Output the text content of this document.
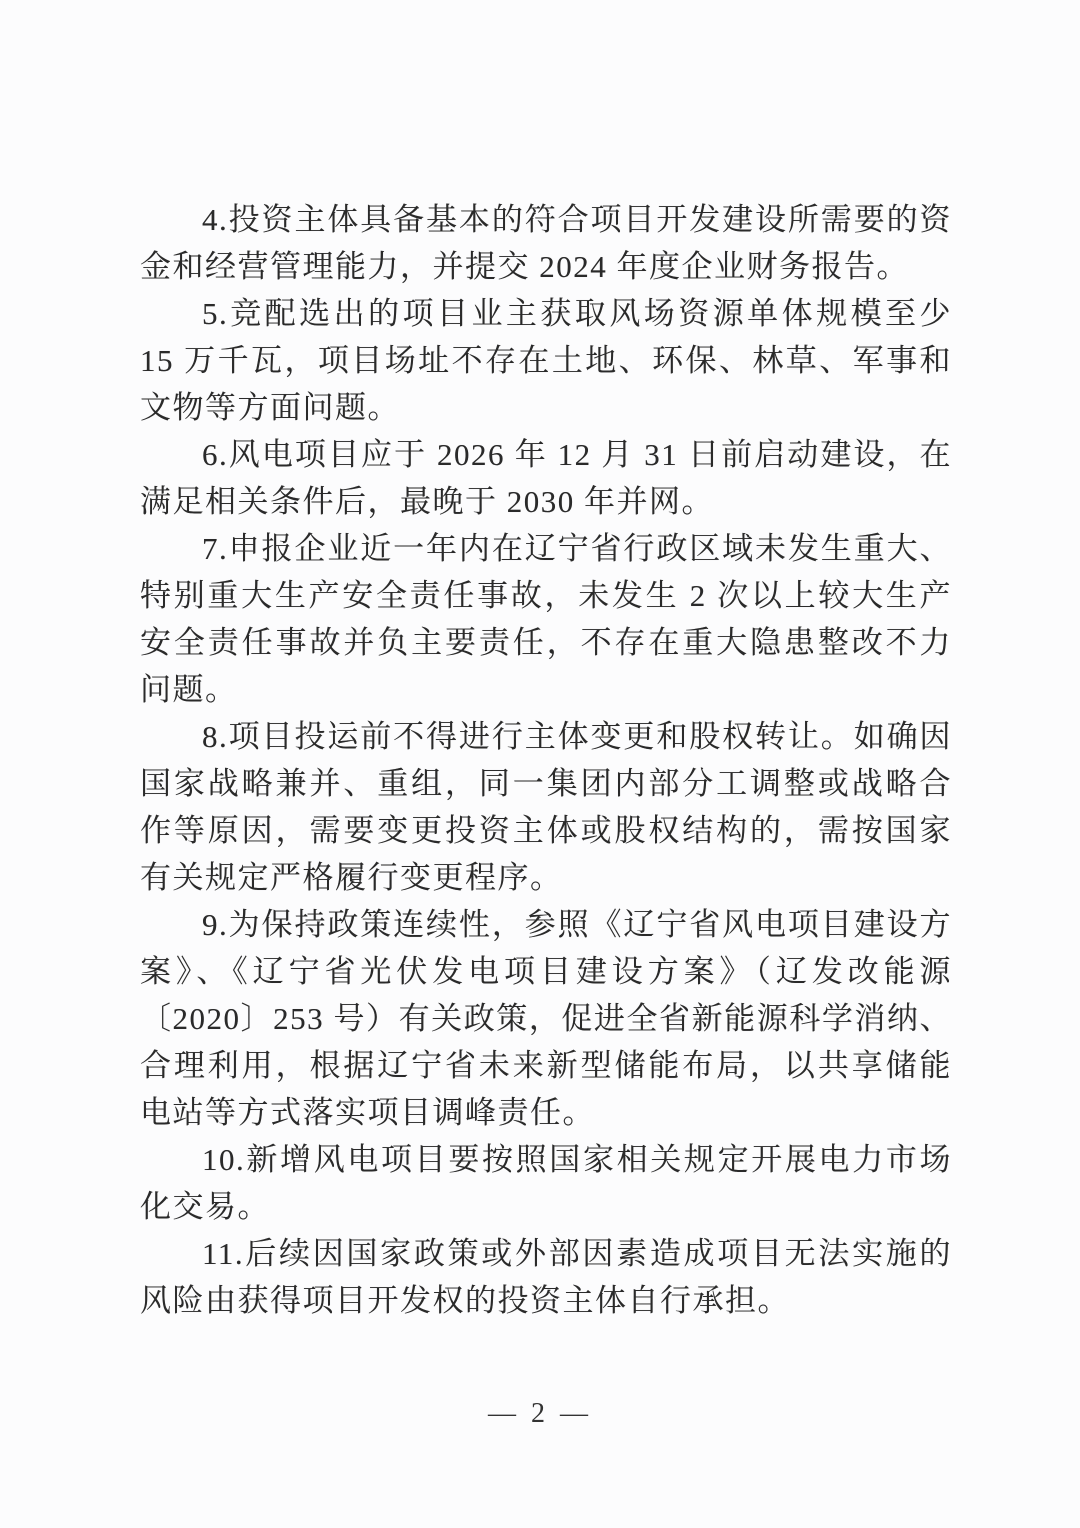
4.投资主体具备基本的符合项目开发建设所需要的资金和经营管理能力，并提交 2024 年度企业财务报告。

5.竞配选出的项目业主获取风场资源单体规模至少 15 万千瓦，项目场址不存在土地、环保、林草、军事和文物等方面问题。

6.风电项目应于 2026 年 12 月 31 日前启动建设，在满足相关条件后，最晚于 2030 年并网。

7.申报企业近一年内在辽宁省行政区域未发生重大、特别重大生产安全责任事故，未发生 2 次以上较大生产安全责任事故并负主要责任，不存在重大隐患整改不力问题。

8.项目投运前不得进行主体变更和股权转让。如确因国家战略兼并、重组，同一集团内部分工调整或战略合作等原因，需要变更投资主体或股权结构的，需按国家有关规定严格履行变更程序。

9.为保持政策连续性，参照《辽宁省风电项目建设方案》、《辽宁省光伏发电项目建设方案》（辽发改能源〔2020〕253 号）有关政策，促进全省新能源科学消纳、合理利用，根据辽宁省未来新型储能布局，以共享储能电站等方式落实项目调峰责任。

10.新增风电项目要按照国家相关规定开展电力市场化交易。

11.后续因国家政策或外部因素造成项目无法实施的风险由获得项目开发权的投资主体自行承担。

— 2 —
